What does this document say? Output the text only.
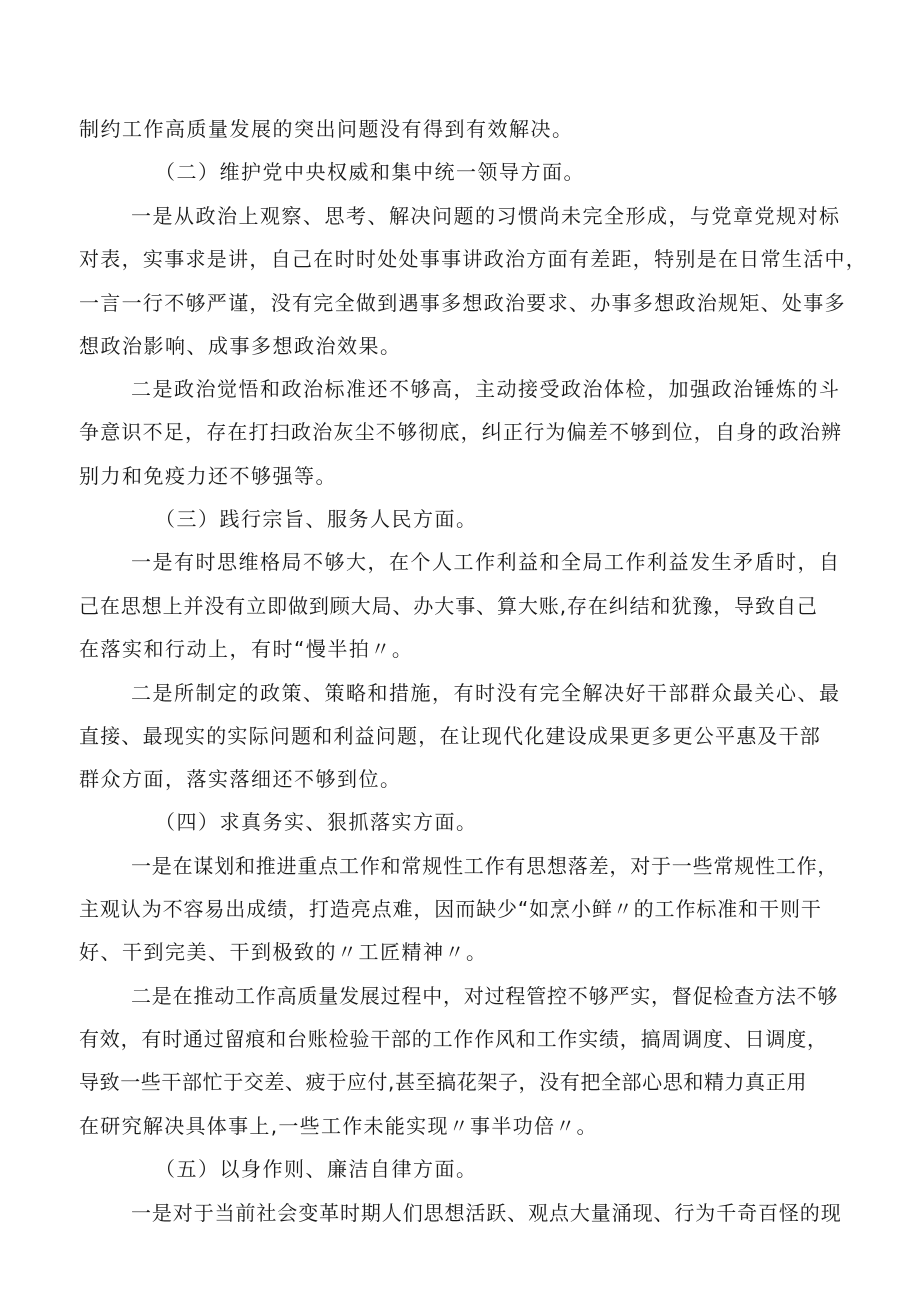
制约工作高质量发展的突出问题没有得到有效解决。
（二）维护党中央权威和集中统一领导方面。
一是从政治上观察、思考、解决问题的习惯尚未完全形成，与党章党规对标
对表，实事求是讲，自己在时时处处事事讲政治方面有差距，特别是在日常生活中，
一言一行不够严谨，没有完全做到遇事多想政治要求、办事多想政治规矩、处事多
想政治影响、成事多想政治效果。
二是政治觉悟和政治标准还不够高，主动接受政治体检，加强政治锤炼的斗
争意识不足，存在打扫政治灰尘不够彻底，纠正行为偏差不够到位，自身的政治辨
别力和免疫力还不够强等。
（三）践行宗旨、服务人民方面。
一是有时思维格局不够大，在个人工作利益和全局工作利益发生矛盾时，自
己在思想上并没有立即做到顾大局、办大事、算大账,存在纠结和犹豫，导致自己
在落实和行动上，有时“慢半拍〃。
二是所制定的政策、策略和措施，有时没有完全解决好干部群众最关心、最
直接、最现实的实际问题和利益问题，在让现代化建设成果更多更公平惠及干部
群众方面，落实落细还不够到位。
（四）求真务实、狠抓落实方面。
一是在谋划和推进重点工作和常规性工作有思想落差，对于一些常规性工作，
主观认为不容易出成绩，打造亮点难，因而缺少“如烹小鲜〃的工作标准和干则干
好、干到完美、干到极致的〃工匠精神〃。
二是在推动工作高质量发展过程中，对过程管控不够严实，督促检查方法不够
有效，有时通过留痕和台账检验干部的工作作风和工作实绩，搞周调度、日调度，
导致一些干部忙于交差、疲于应付,甚至搞花架子，没有把全部心思和精力真正用
在研究解决具体事上,一些工作未能实现〃事半功倍〃。
（五）以身作则、廉洁自律方面。
一是对于当前社会变革时期人们思想活跃、观点大量涌现、行为千奇百怪的现
